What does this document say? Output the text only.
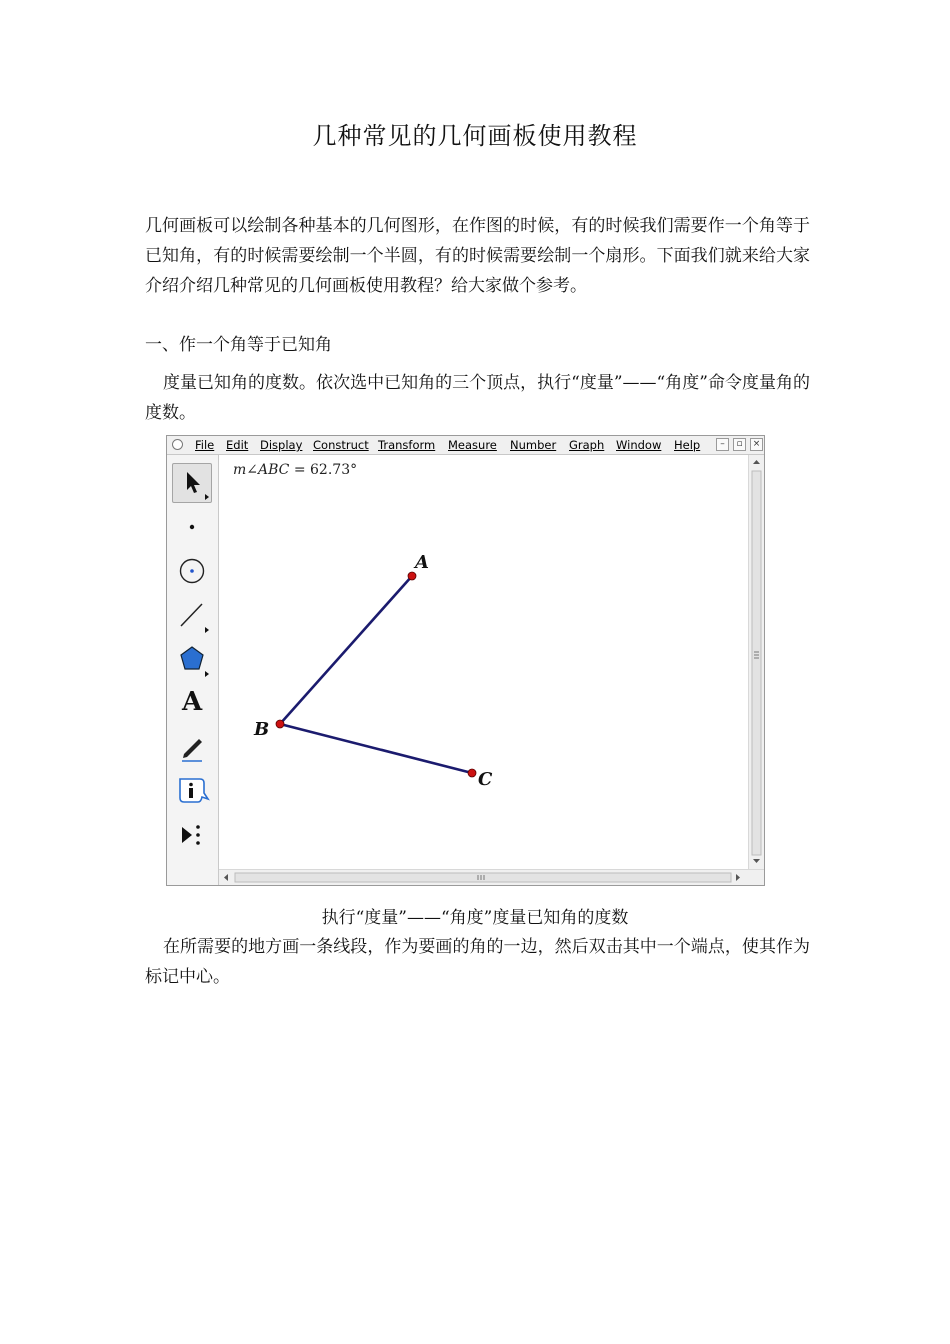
几种常见的几何画板使用教程
几何画板可以绘制各种基本的几何图形，在作图的时候，有的时候我们需要作一个角等于已知角，有的时候需要绘制一个半圆，有的时候需要绘制一个扇形。下面我们就来给大家介绍介绍几种常见的几何画板使用教程？给大家做个参考。
一、作一个角等于已知角
度量已知角的度数。依次选中已知角的三个顶点，执行“度量”——“角度”命令度量角的度数。
File Edit Display Construct Transform Measure Number Graph Window Help	–	▫	×
A
m∠ABC = 62.73°
A
B
C
执行“度量”——“角度”度量已知角的度数
在所需要的地方画一条线段，作为要画的角的一边，然后双击其中一个端点，使其作为标记中心。
